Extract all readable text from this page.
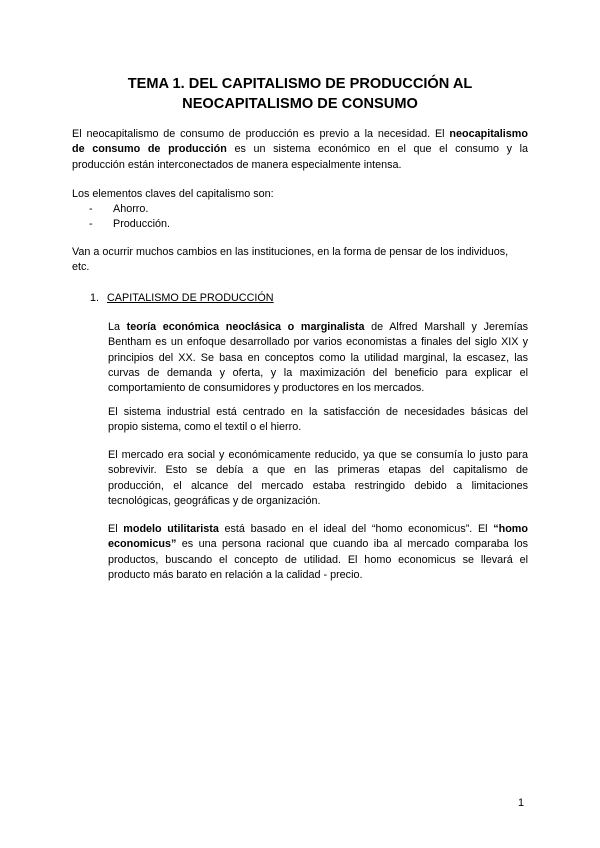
TEMA 1. DEL CAPITALISMO DE PRODUCCIÓN AL
NEOCAPITALISMO DE CONSUMO
El neocapitalismo de consumo de producción es previo a la necesidad. El neocapitalismo
de consumo de producción es un sistema económico en el que el consumo y la
producción están interconectados de manera especialmente intensa.
Los elementos claves del capitalismo son:
-	Ahorro.
-	Producción.
Van a ocurrir muchos cambios en las instituciones, en la forma de pensar de los individuos,
etc.
1. CAPITALISMO DE PRODUCCIÓN
La teoría económica neoclásica o marginalista de Alfred Marshall y Jeremías
Bentham es un enfoque desarrollado por varios economistas a finales del siglo XIX y
principios del XX. Se basa en conceptos como la utilidad marginal, la escasez, las
curvas de demanda y oferta, y la maximización del beneficio para explicar el
comportamiento de consumidores y productores en los mercados.
El sistema industrial está centrado en la satisfacción de necesidades básicas del
propio sistema, como el textil o el hierro.
El mercado era social y económicamente reducido, ya que se consumía lo justo para
sobrevivir. Esto se debía a que en las primeras etapas del capitalismo de
producción, el alcance del mercado estaba restringido debido a limitaciones
tecnológicas, geográficas y de organización.
El modelo utilitarista está basado en el ideal del “homo economicus”. El “homo
economicus” es una persona racional que cuando iba al mercado comparaba los
productos, buscando el concepto de utilidad. El homo economicus se llevará el
producto más barato en relación a la calidad - precio.
1
